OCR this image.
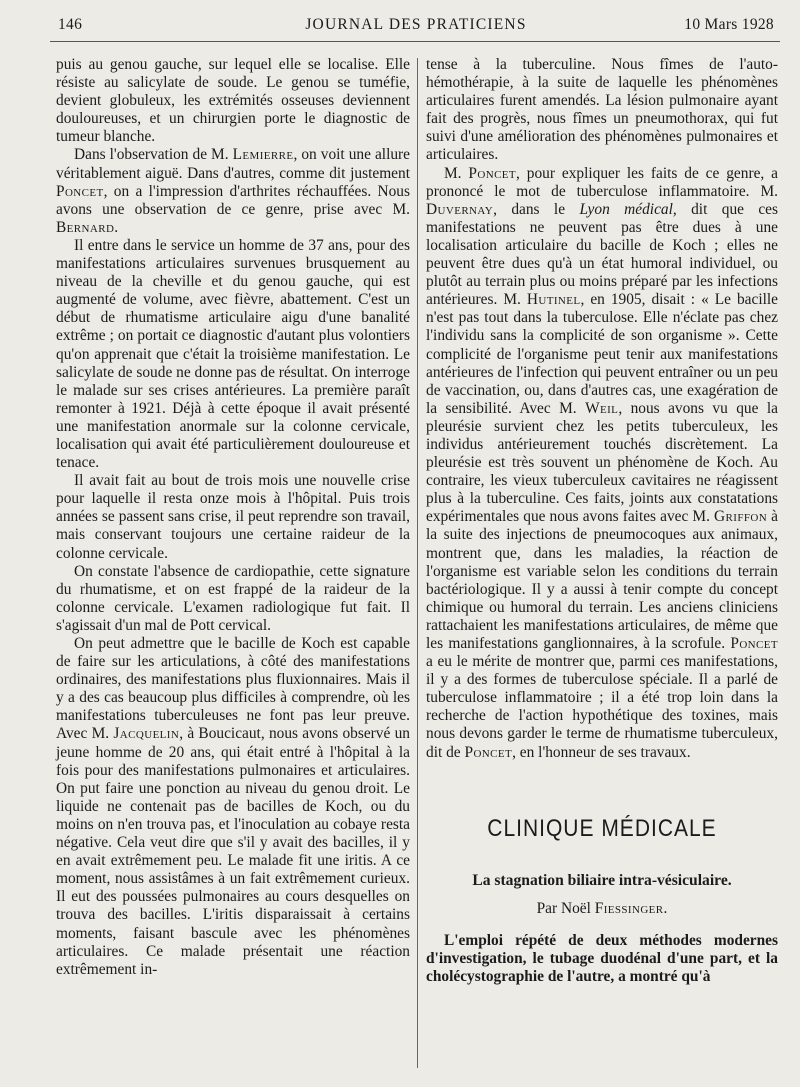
146	JOURNAL DES PRATICIENS	10 Mars 1928

puis au genou gauche, sur lequel elle se localise. Elle résiste au salicylate de soude. Le genou se tuméfie, devient globuleux, les extrémités osseuses deviennent douloureuses, et un chirurgien porte le diagnostic de tumeur blanche.

Dans l'observation de M. Lemierre, on voit une allure véritablement aiguë. Dans d'autres, comme dit justement Poncet, on a l'impression d'arthrites réchauffées. Nous avons une observation de ce genre, prise avec M. Bernard.

Il entre dans le service un homme de 37 ans, pour des manifestations articulaires survenues brusquement au niveau de la cheville et du genou gauche, qui est augmenté de volume, avec fièvre, abattement. C'est un début de rhumatisme articulaire aigu d'une banalité extrême ; on portait ce diagnostic d'autant plus volontiers qu'on apprenait que c'était la troisième manifestation. Le salicylate de soude ne donne pas de résultat. On interroge le malade sur ses crises antérieures. La première paraît remonter à 1921. Déjà à cette époque il avait présenté une manifestation anormale sur la colonne cervicale, localisation qui avait été particulièrement douloureuse et tenace.

Il avait fait au bout de trois mois une nouvelle crise pour laquelle il resta onze mois à l'hôpital. Puis trois années se passent sans crise, il peut reprendre son travail, mais conservant toujours une certaine raideur de la colonne cervicale.

On constate l'absence de cardiopathie, cette signature du rhumatisme, et on est frappé de la raideur de la colonne cervicale. L'examen radiologique fut fait. Il s'agissait d'un mal de Pott cervical.

On peut admettre que le bacille de Koch est capable de faire sur les articulations, à côté des manifestations ordinaires, des manifestations plus fluxionnaires. Mais il y a des cas beaucoup plus difficiles à comprendre, où les manifestations tuberculeuses ne font pas leur preuve. Avec M. Jacquelin, à Boucicaut, nous avons observé un jeune homme de 20 ans, qui était entré à l'hôpital à la fois pour des manifestations pulmonaires et articulaires. On put faire une ponction au niveau du genou droit. Le liquide ne contenait pas de bacilles de Koch, ou du moins on n'en trouva pas, et l'inoculation au cobaye resta négative. Cela veut dire que s'il y avait des bacilles, il y en avait extrêmement peu. Le malade fit une iritis. A ce moment, nous assistâmes à un fait extrêmement curieux. Il eut des poussées pulmonaires au cours desquelles on trouva des bacilles. L'iritis disparaissait à certains moments, faisant bascule avec les phénomènes articulaires. Ce malade présentait une réaction extrêmement in-

tense à la tuberculine. Nous fîmes de l'auto-hémothérapie, à la suite de laquelle les phénomènes articulaires furent amendés. La lésion pulmonaire ayant fait des progrès, nous fîmes un pneumothorax, qui fut suivi d'une amélioration des phénomènes pulmonaires et articulaires.

M. Poncet, pour expliquer les faits de ce genre, a prononcé le mot de tuberculose inflammatoire. M. Duvernay, dans le Lyon médical, dit que ces manifestations ne peuvent pas être dues à une localisation articulaire du bacille de Koch ; elles ne peuvent être dues qu'à un état humoral individuel, ou plutôt au terrain plus ou moins préparé par les infections antérieures. M. Hutinel, en 1905, disait : « Le bacille n'est pas tout dans la tuberculose. Elle n'éclate pas chez l'individu sans la complicité de son organisme ». Cette complicité de l'organisme peut tenir aux manifestations antérieures de l'infection qui peuvent entraîner ou un peu de vaccination, ou, dans d'autres cas, une exagération de la sensibilité. Avec M. Weil, nous avons vu que la pleurésie survient chez les petits tuberculeux, les individus antérieurement touchés discrètement. La pleurésie est très souvent un phénomène de Koch. Au contraire, les vieux tuberculeux cavitaires ne réagissent plus à la tuberculine. Ces faits, joints aux constatations expérimentales que nous avons faites avec M. Griffon à la suite des injections de pneumocoques aux animaux, montrent que, dans les maladies, la réaction de l'organisme est variable selon les conditions du terrain bactériologique. Il y a aussi à tenir compte du concept chimique ou humoral du terrain. Les anciens cliniciens rattachaient les manifestations articulaires, de même que les manifestations ganglionnaires, à la scrofule. Poncet a eu le mérite de montrer que, parmi ces manifestations, il y a des formes de tuberculose spéciale. Il a parlé de tuberculose inflammatoire ; il a été trop loin dans la recherche de l'action hypothétique des toxines, mais nous devons garder le terme de rhumatisme tuberculeux, dit de Poncet, en l'honneur de ses travaux.

CLINIQUE MÉDICALE
La stagnation biliaire intra-vésiculaire.
Par Noël Fiessinger.

L'emploi répété de deux méthodes modernes d'investigation, le tubage duodénal d'une part, et la cholécystographie de l'autre, a montré qu'à
